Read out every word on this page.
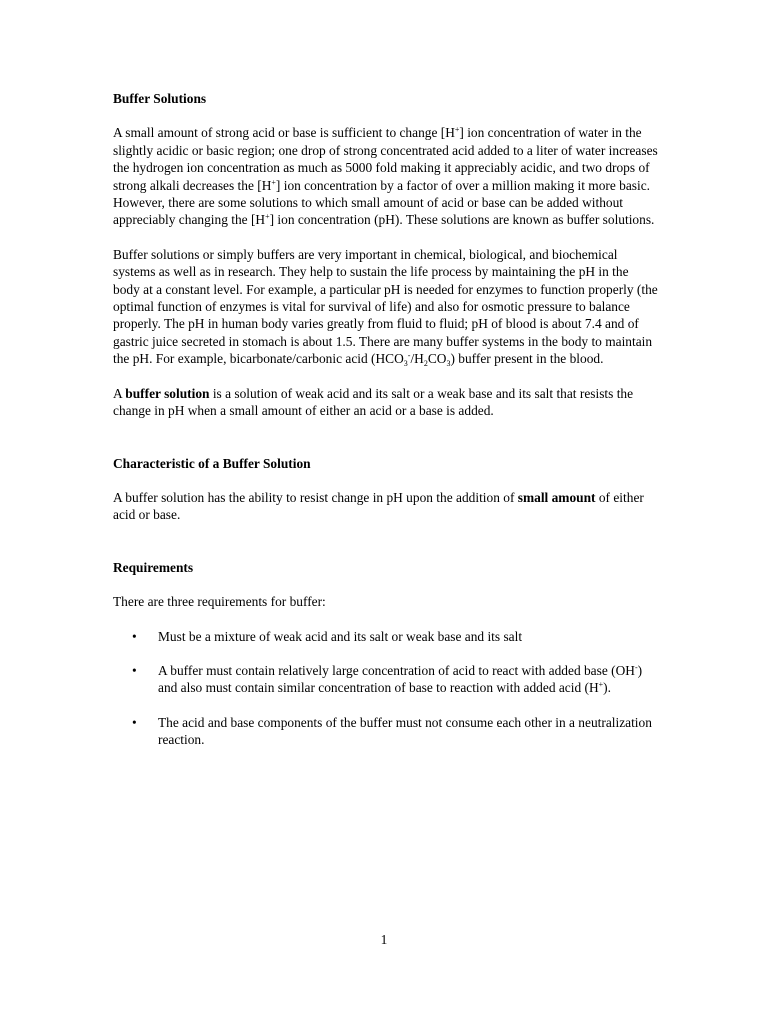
Buffer Solutions

A small amount of strong acid or base is sufficient to change [H+] ion concentration of water in the slightly acidic or basic region; one drop of strong concentrated acid added to a liter of water increases the hydrogen ion concentration as much as 5000 fold making it appreciably acidic, and two drops of strong alkali decreases the [H+] ion concentration by a factor of over a million making it more basic. However, there are some solutions to which small amount of acid or base can be added without appreciably changing the [H+] ion concentration (pH). These solutions are known as buffer solutions.

Buffer solutions or simply buffers are very important in chemical, biological, and biochemical systems as well as in research. They help to sustain the life process by maintaining the pH in the body at a constant level. For example, a particular pH is needed for enzymes to function properly (the optimal function of enzymes is vital for survival of life) and also for osmotic pressure to balance properly. The pH in human body varies greatly from fluid to fluid; pH of blood is about 7.4 and of gastric juice secreted in stomach is about 1.5. There are many buffer systems in the body to maintain the pH. For example, bicarbonate/carbonic acid $(HCO_3^-/H_2CO_3)$ buffer present in the blood.

A buffer solution is a solution of weak acid and its salt or a weak base and its salt that resists the change in pH when a small amount of either an acid or a base is added.

Characteristic of a Buffer Solution

A buffer solution has the ability to resist change in pH upon the addition of small amount of either acid or base.

Requirements

There are three requirements for buffer:

• Must be a mixture of weak acid and its salt or weak base and its salt
• A buffer must contain relatively large concentration of acid to react with added base (OH-) and also must contain similar concentration of base to reaction with added acid (H+).
• The acid and base components of the buffer must not consume each other in a neutralization reaction.
1
